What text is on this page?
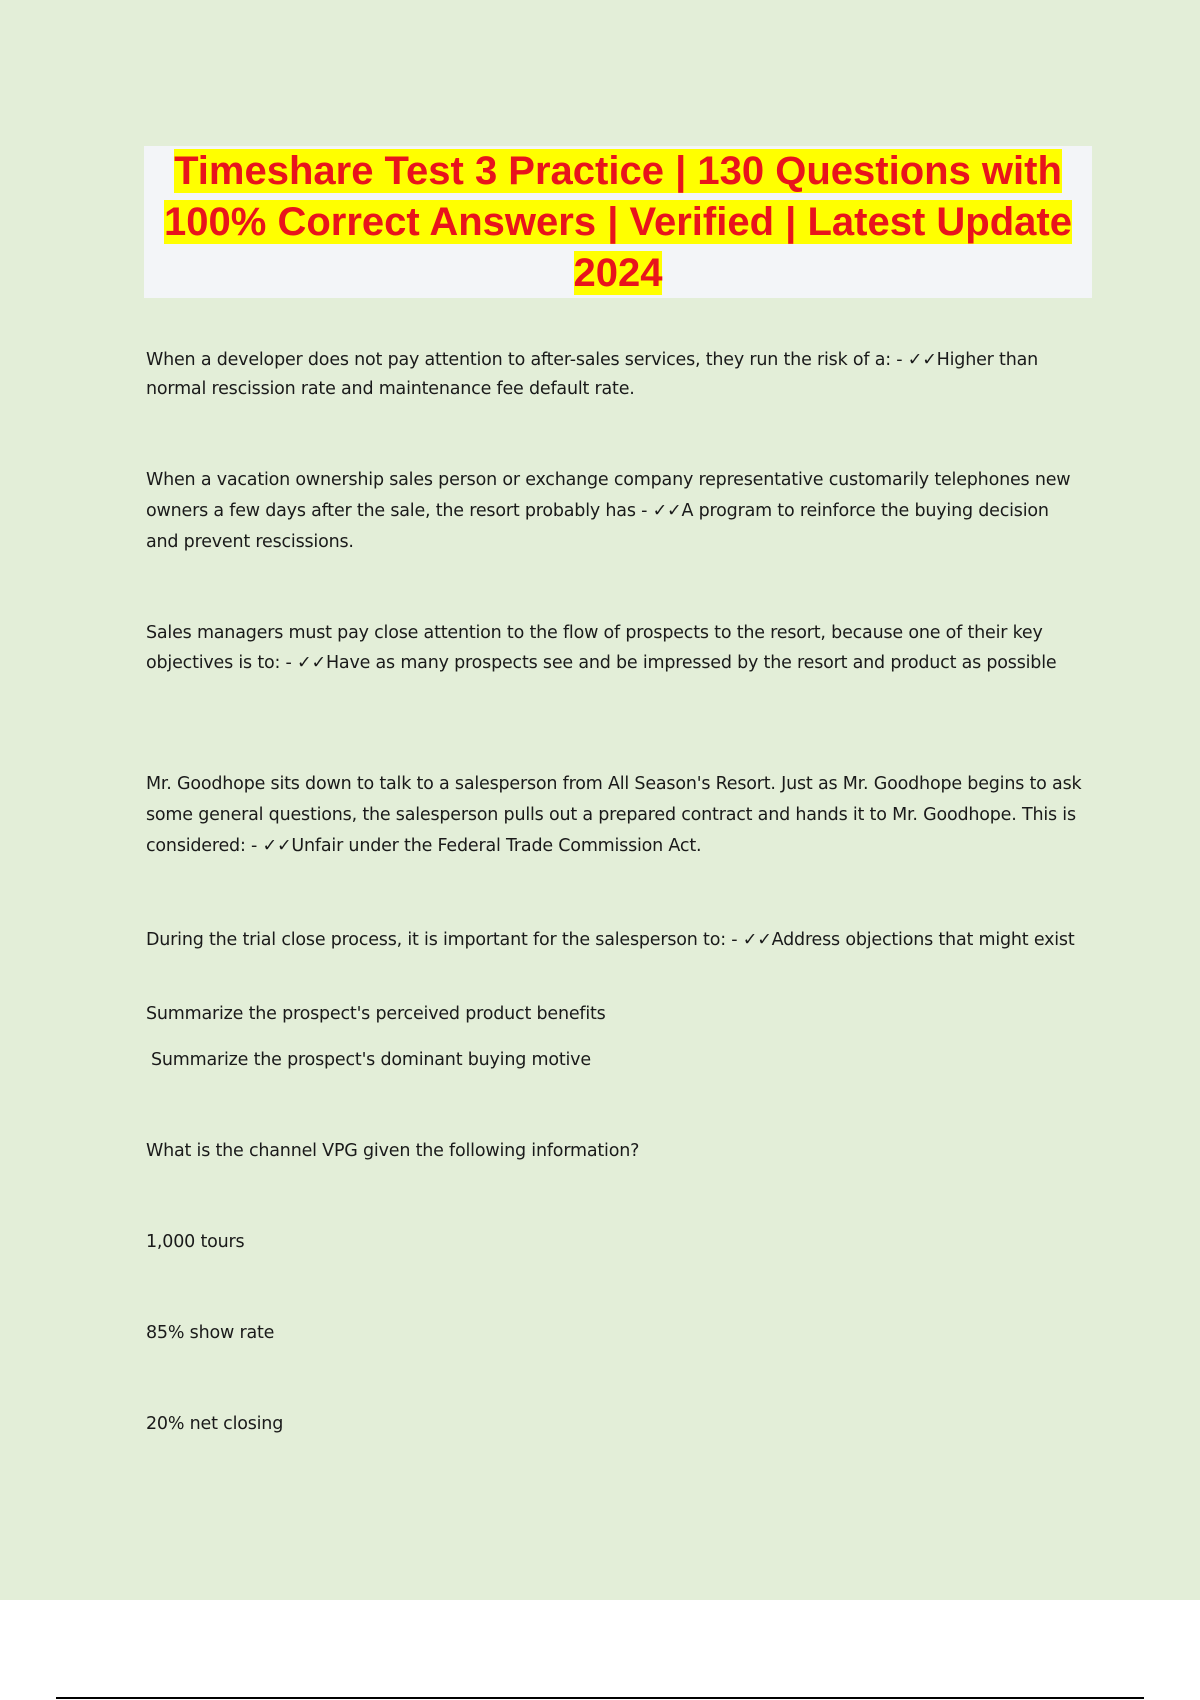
Timeshare Test 3 Practice | 130 Questions with 100% Correct Answers | Verified | Latest Update 2024
When a developer does not pay attention to after-sales services, they run the risk of a: - ✓✓Higher than normal rescission rate and maintenance fee default rate.
When a vacation ownership sales person or exchange company representative customarily telephones new owners a few days after the sale, the resort probably has - ✓✓A program to reinforce the buying decision and prevent rescissions.
Sales managers must pay close attention to the flow of prospects to the resort, because one of their key objectives is to: - ✓✓Have as many prospects see and be impressed by the resort and product as possible
Mr. Goodhope sits down to talk to a salesperson from All Season's Resort. Just as Mr. Goodhope begins to ask some general questions, the salesperson pulls out a prepared contract and hands it to Mr. Goodhope. This is considered: - ✓✓Unfair under the Federal Trade Commission Act.
During the trial close process, it is important for the salesperson to: - ✓✓Address objections that might exist
Summarize the prospect's perceived product benefits
Summarize the prospect's dominant buying motive
What is the channel VPG given the following information?
1,000 tours
85% show rate
20% net closing
